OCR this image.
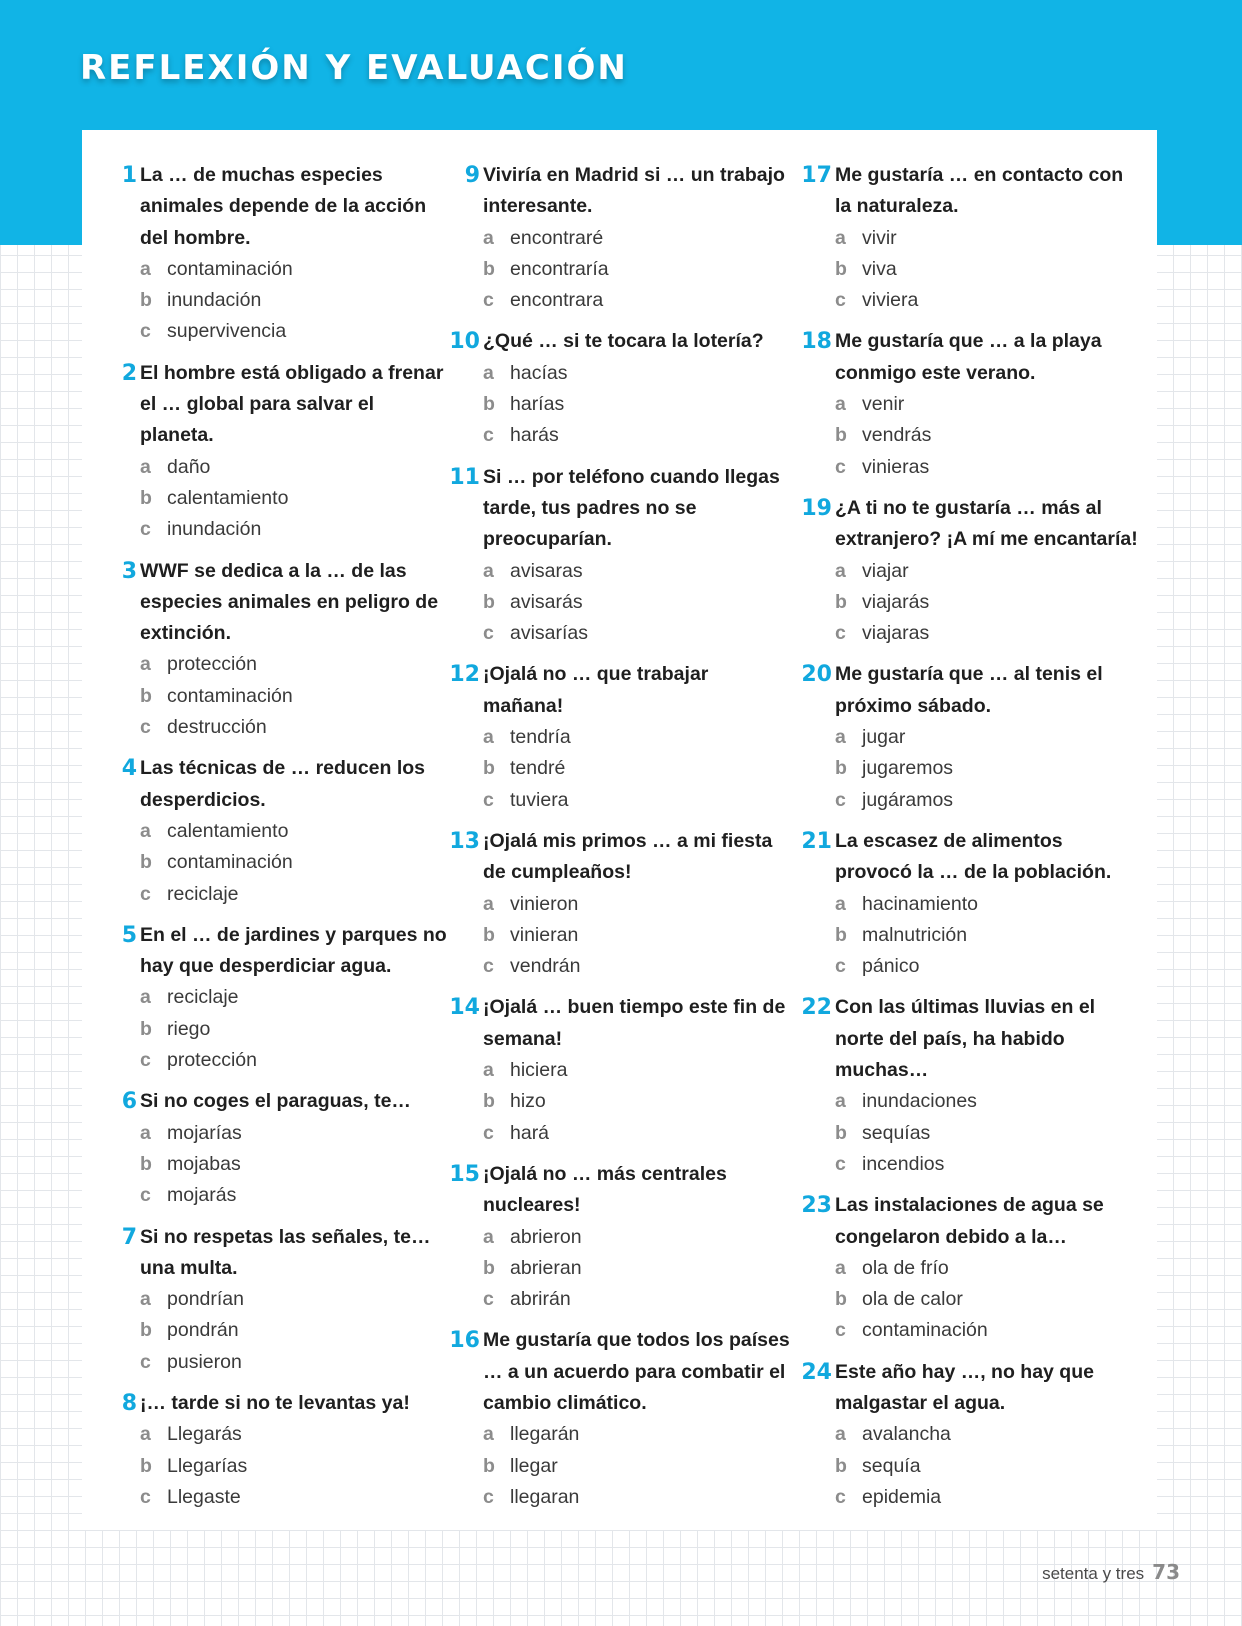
REFLEXIÓN Y EVALUACIÓN
1 La … de muchas especies animales depende de la acción del hombre.
a contaminación
b inundación
c supervivencia
2 El hombre está obligado a frenar el … global para salvar el planeta.
a daño
b calentamiento
c inundación
3 WWF se dedica a la … de las especies animales en peligro de extinción.
a protección
b contaminación
c destrucción
4 Las técnicas de … reducen los desperdicios.
a calentamiento
b contaminación
c reciclaje
5 En el … de jardines y parques no hay que desperdiciar agua.
a reciclaje
b riego
c protección
6 Si no coges el paraguas, te…
a mojarías
b mojabas
c mojarás
7 Si no respetas las señales, te… una multa.
a pondrían
b pondrán
c pusieron
8 ¡… tarde si no te levantas ya!
a Llegarás
b Llegarías
c Llegaste
9 Viviría en Madrid si … un trabajo interesante.
a encontraré
b encontraría
c encontrara
10 ¿Qué … si te tocara la lotería?
a hacías
b harías
c harás
11 Si … por teléfono cuando llegas tarde, tus padres no se preocuparían.
a avisaras
b avisarás
c avisarías
12 ¡Ojalá no … que trabajar mañana!
a tendría
b tendré
c tuviera
13 ¡Ojalá mis primos … a mi fiesta de cumpleaños!
a vinieron
b vinieran
c vendrán
14 ¡Ojalá … buen tiempo este fin de semana!
a hiciera
b hizo
c hará
15 ¡Ojalá no … más centrales nucleares!
a abrieron
b abrieran
c abrirán
16 Me gustaría que todos los países … a un acuerdo para combatir el cambio climático.
a llegarán
b llegar
c llegaran
17 Me gustaría … en contacto con la naturaleza.
a vivir
b viva
c viviera
18 Me gustaría que … a la playa conmigo este verano.
a venir
b vendrás
c vinieras
19 ¿A ti no te gustaría … más al extranjero? ¡A mí me encantaría!
a viajar
b viajarás
c viajaras
20 Me gustaría que … al tenis el próximo sábado.
a jugar
b jugaremos
c jugáramos
21 La escasez de alimentos provocó la … de la población.
a hacinamiento
b malnutrición
c pánico
22 Con las últimas lluvias en el norte del país, ha habido muchas…
a inundaciones
b sequías
c incendios
23 Las instalaciones de agua se congelaron debido a la…
a ola de frío
b ola de calor
c contaminación
24 Este año hay …, no hay que malgastar el agua.
a avalancha
b sequía
c epidemia
setenta y tres 73
